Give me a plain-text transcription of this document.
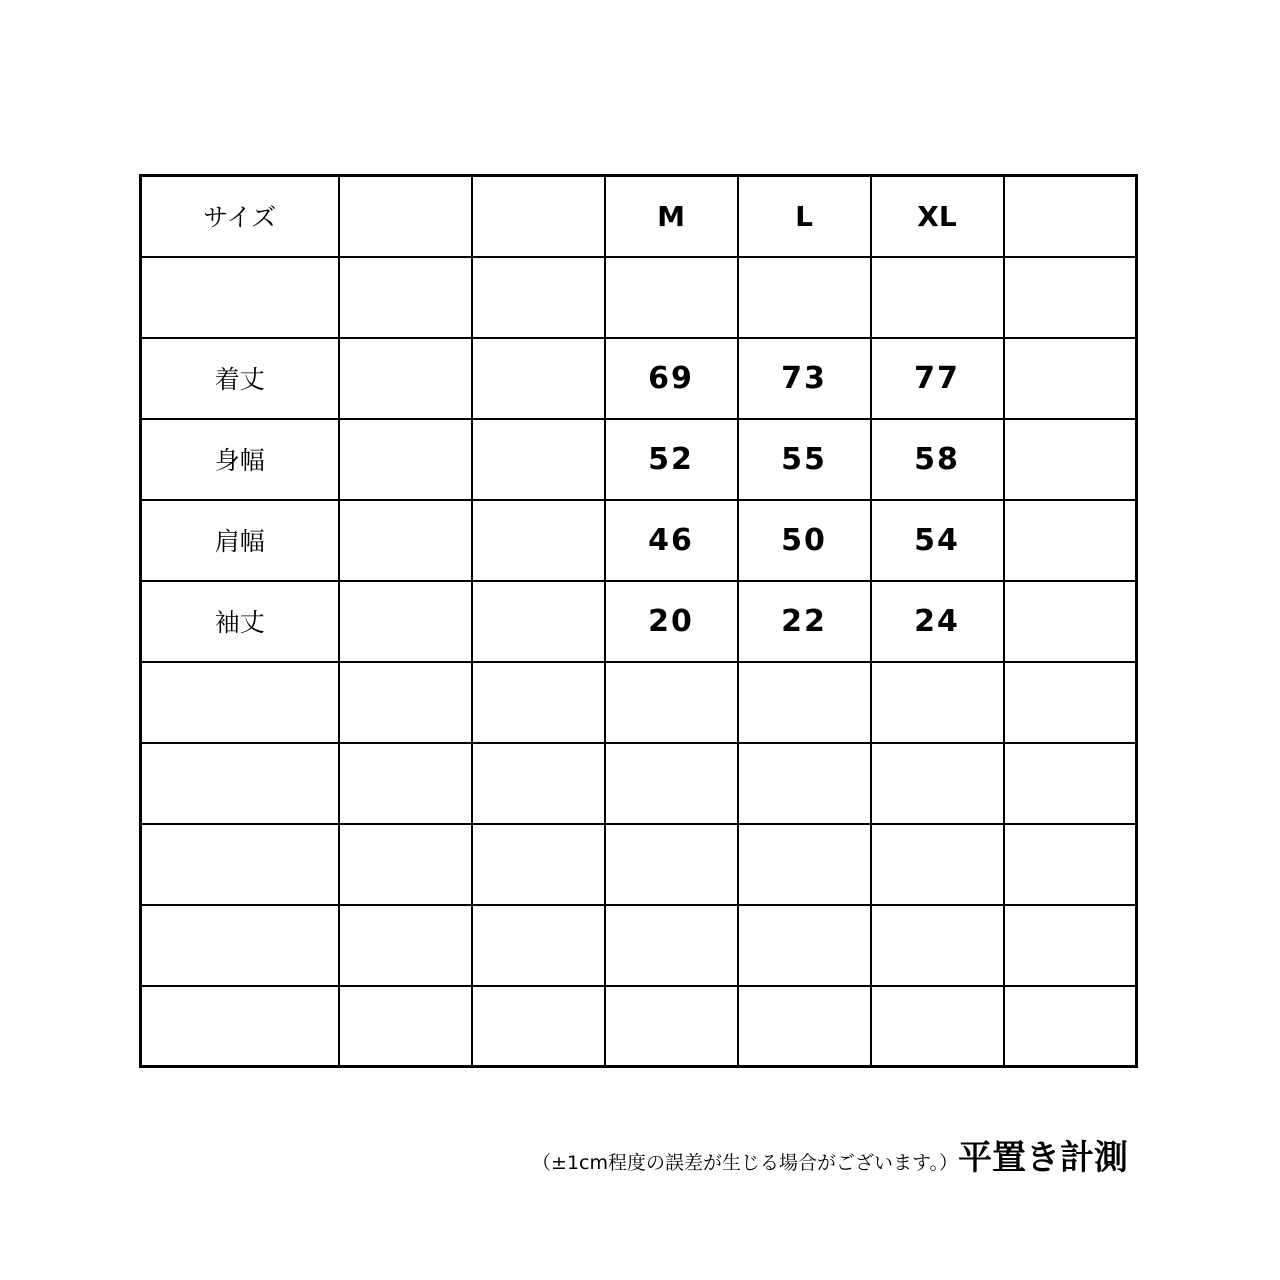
サイズ			M	L	XL	

着丈			69	73	77	
身幅			52	55	58	
肩幅			46	50	54	
袖丈			20	22	24	

（±1cm程度の誤差が生じる場合がございます。） 平置き計測
